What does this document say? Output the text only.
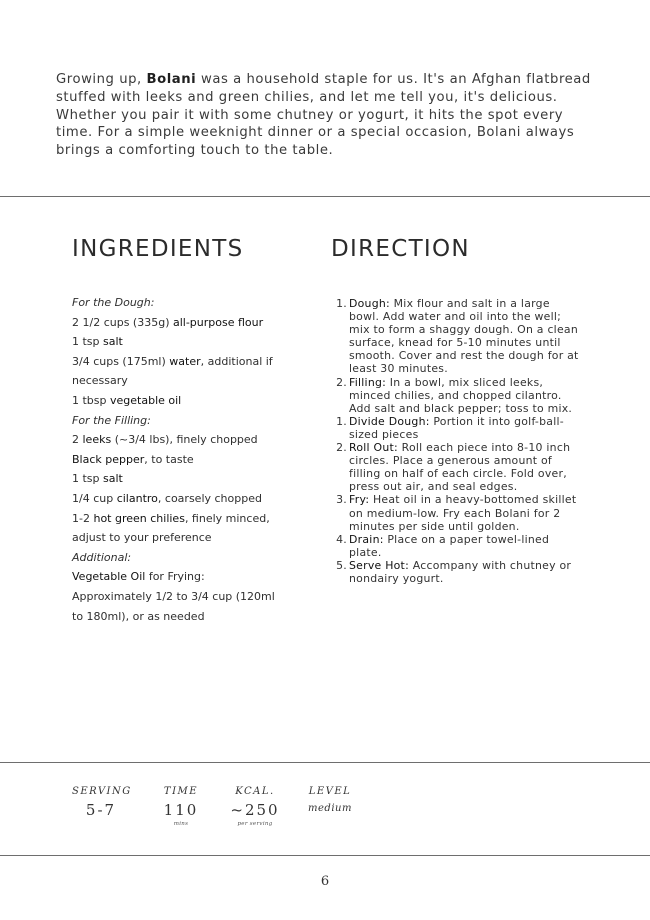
Growing up, Bolani was a household staple for us. It's an Afghan flatbread stuffed with leeks and green chilies, and let me tell you, it's delicious. Whether you pair it with some chutney or yogurt, it hits the spot every time. For a simple weeknight dinner or a special occasion, Bolani always brings a comforting touch to the table.
INGREDIENTS	DIRECTION
For the Dough:
2 1/2 cups (335g) all-purpose flour
1 tsp salt
3/4 cups (175ml) water, additional if
necessary
1 tbsp vegetable oil
For the Filling:
2 leeks (~3/4 lbs), finely chopped
Black pepper, to taste
1 tsp salt
1/4 cup cilantro, coarsely chopped
1-2 hot green chilies, finely minced,
adjust to your preference
Additional:
Vegetable Oil for Frying:
Approximately 1/2 to 3/4 cup (120ml
to 180ml), or as needed
1. Dough: Mix flour and salt in a large bowl. Add water and oil into the well; mix to form a shaggy dough. On a clean surface, knead for 5-10 minutes until smooth. Cover and rest the dough for at least 30 minutes.
2. Filling: In a bowl, mix sliced leeks, minced chilies, and chopped cilantro. Add salt and black pepper; toss to mix.
1. Divide Dough: Portion it into golf-ball-sized pieces
2. Roll Out: Roll each piece into 8-10 inch circles. Place a generous amount of filling on half of each circle. Fold over, press out air, and seal edges.
3. Fry: Heat oil in a heavy-bottomed skillet on medium-low. Fry each Bolani for 2 minutes per side until golden.
4. Drain: Place on a paper towel-lined plate.
5. Serve Hot: Accompany with chutney or nondairy yogurt.
SERVING
5-7
TIME
110
mins
KCAL.
~250
per serving
LEVEL
medium
6
